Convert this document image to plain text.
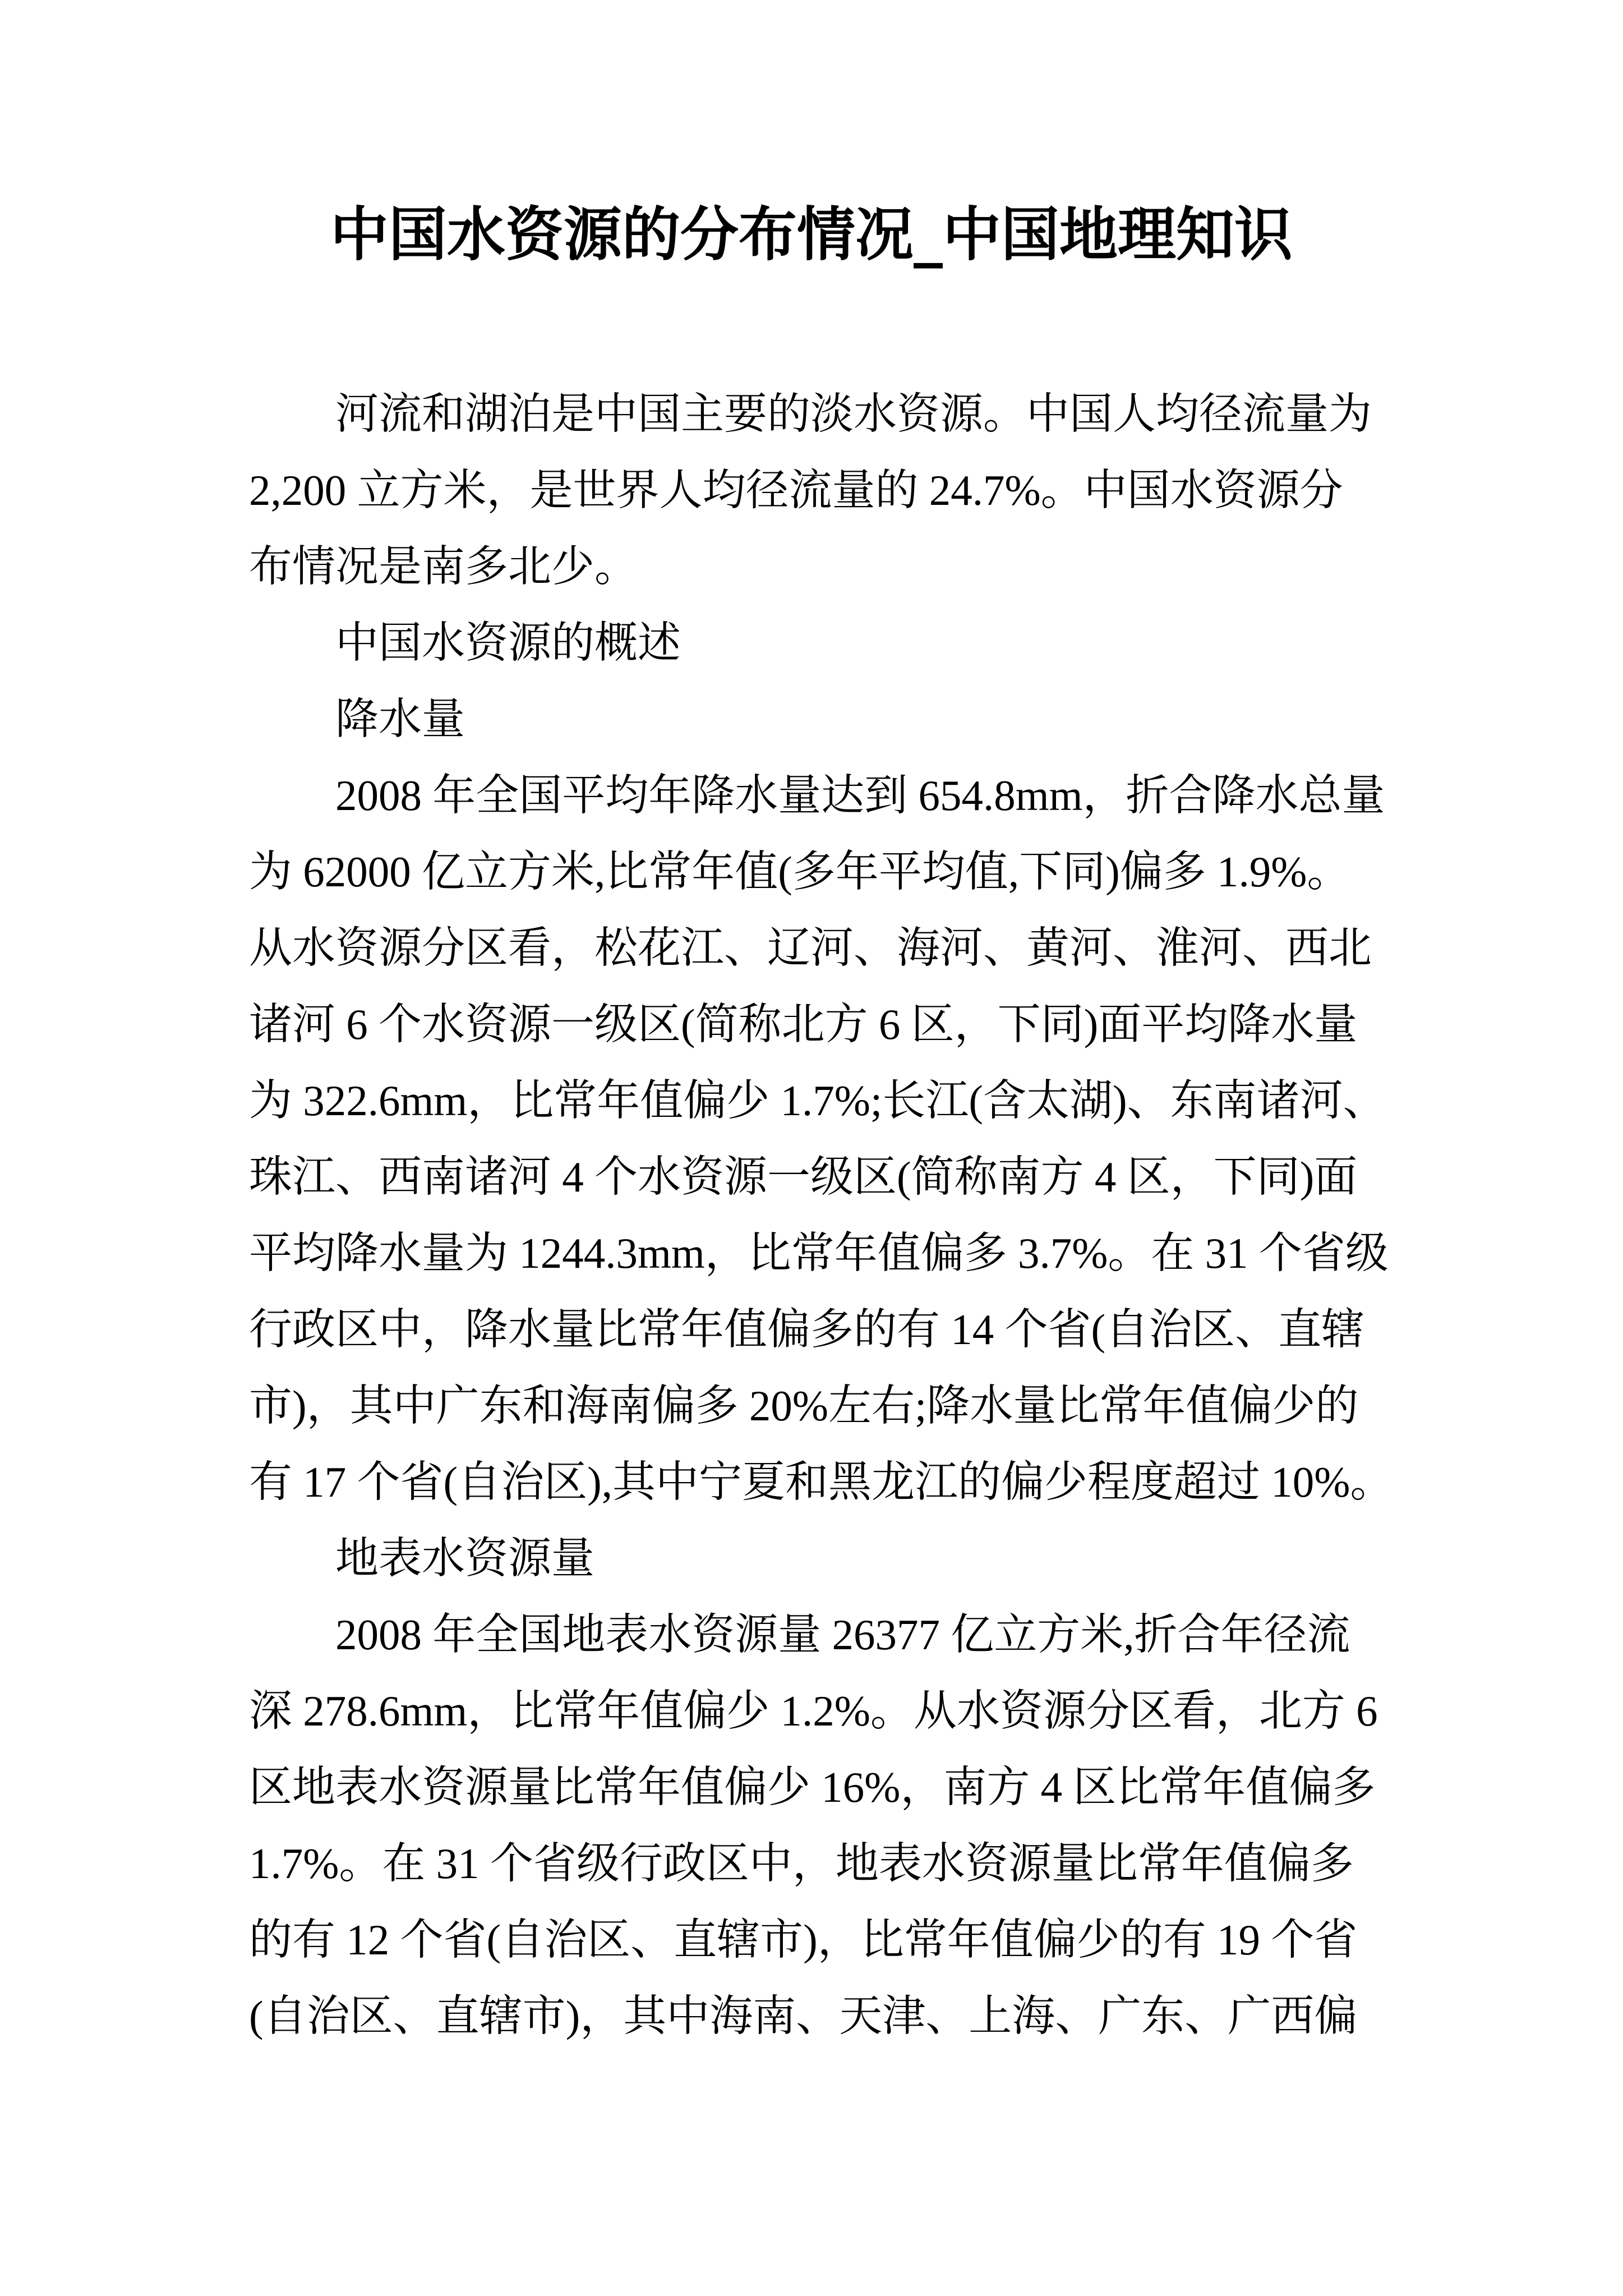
中国水资源的分布情况_中国地理知识
河流和湖泊是中国主要的淡水资源。中国人均径流量为
2,200 立方米，是世界人均径流量的 24.7%。中国水资源分
布情况是南多北少。
中国水资源的概述
降水量
2008 年全国平均年降水量达到 654.8mm，折合降水总量
为 62000 亿立方米,比常年值(多年平均值,下同)偏多 1.9%。
从水资源分区看，松花江、辽河、海河、黄河、淮河、西北
诸河 6 个水资源一级区(简称北方 6 区，下同)面平均降水量
为 322.6mm，比常年值偏少 1.7%;长江(含太湖)、东南诸河、
珠江、西南诸河 4 个水资源一级区(简称南方 4 区，下同)面
平均降水量为 1244.3mm，比常年值偏多 3.7%。在 31 个省级
行政区中，降水量比常年值偏多的有 14 个省(自治区、直辖
市)，其中广东和海南偏多 20%左右;降水量比常年值偏少的
有 17 个省(自治区),其中宁夏和黑龙江的偏少程度超过 10%。
地表水资源量
2008 年全国地表水资源量 26377 亿立方米,折合年径流
深 278.6mm，比常年值偏少 1.2%。从水资源分区看，北方 6
区地表水资源量比常年值偏少 16%，南方 4 区比常年值偏多
1.7%。在 31 个省级行政区中，地表水资源量比常年值偏多
的有 12 个省(自治区、直辖市)，比常年值偏少的有 19 个省
(自治区、直辖市)，其中海南、天津、上海、广东、广西偏
